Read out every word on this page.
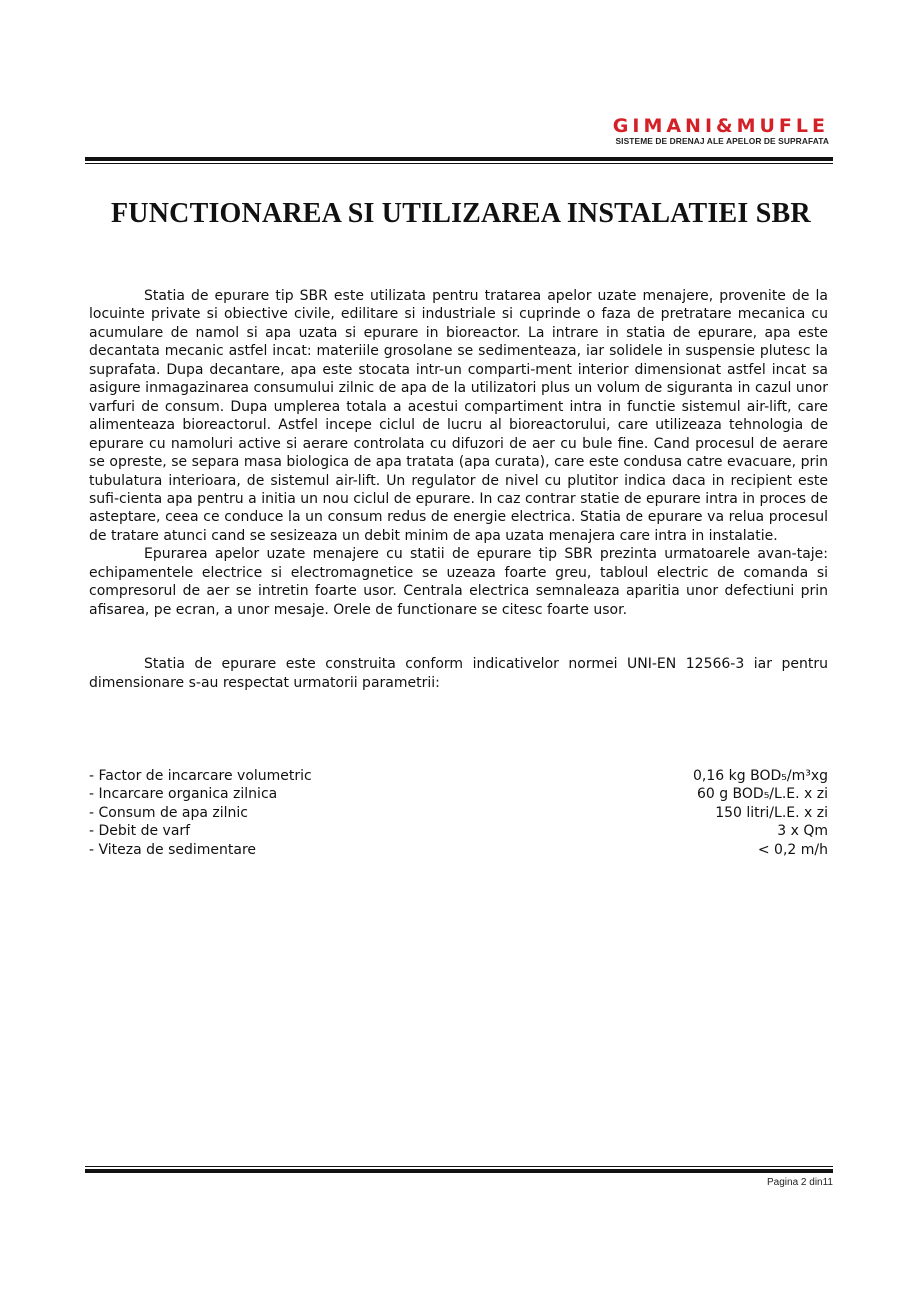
GIMANI&MUFLE
SISTEME DE DRENAJ ALE APELOR DE SUPRAFATA
FUNCTIONAREA SI UTILIZAREA INSTALATIEI SBR

Statia de epurare tip SBR este utilizata pentru tratarea apelor uzate menajere, provenite de la locuinte private si obiective civile, edilitare si industriale si cuprinde o faza de pretratare mecanica cu acumulare de namol si apa uzata si epurare in bioreactor. La intrare in statia de epurare, apa este decantata mecanic astfel incat: materiile grosolane se sedimenteaza, iar solidele in suspensie plutesc la suprafata. Dupa decantare, apa este stocata intr-un comparti-ment interior dimensionat astfel incat sa asigure inmagazinarea consumului zilnic de apa de la utilizatori plus un volum de siguranta in cazul unor varfuri de consum. Dupa umplerea totala a acestui compartiment intra in functie sistemul air-lift, care alimenteaza bioreactorul. Astfel incepe ciclul de lucru al bioreactorului, care utilizeaza tehnologia de epurare cu namoluri active si aerare controlata cu difuzori de aer cu bule fine. Cand procesul de aerare se opreste, se separa masa biologica de apa tratata (apa curata), care este condusa catre evacuare, prin tubulatura interioara, de sistemul air-lift. Un regulator de nivel cu plutitor indica daca in recipient este sufi-cienta apa pentru a initia un nou ciclul de epurare. In caz contrar statie de epurare intra in proces de asteptare, ceea ce conduce la un consum redus de energie electrica. Statia de epurare va relua procesul de tratare atunci cand se sesizeaza un debit minim de apa uzata menajera care intra in instalatie.

Epurarea apelor uzate menajere cu statii de epurare tip SBR prezinta urmatoarele avan-taje: echipamentele electrice si electromagnetice se uzeaza foarte greu, tabloul electric de comanda si compresorul de aer se intretin foarte usor. Centrala electrica semnaleaza aparitia unor defectiuni prin afisarea, pe ecran, a unor mesaje. Orele de functionare se citesc foarte usor.

Statia de epurare este construita conform indicativelor normei UNI-EN 12566-3 iar pentru dimensionare s-au respectat urmatorii parametrii:

- Factor de incarcare volumetric	0,16 kg BOD₅/m³xg
- Incarcare organica zilnica	60 g BOD₅/L.E. x zi
- Consum de apa zilnic	150 litri/L.E. x zi
- Debit de varf	3 x Qm
- Viteza de sedimentare	< 0,2 m/h
Pagina 2 din11
